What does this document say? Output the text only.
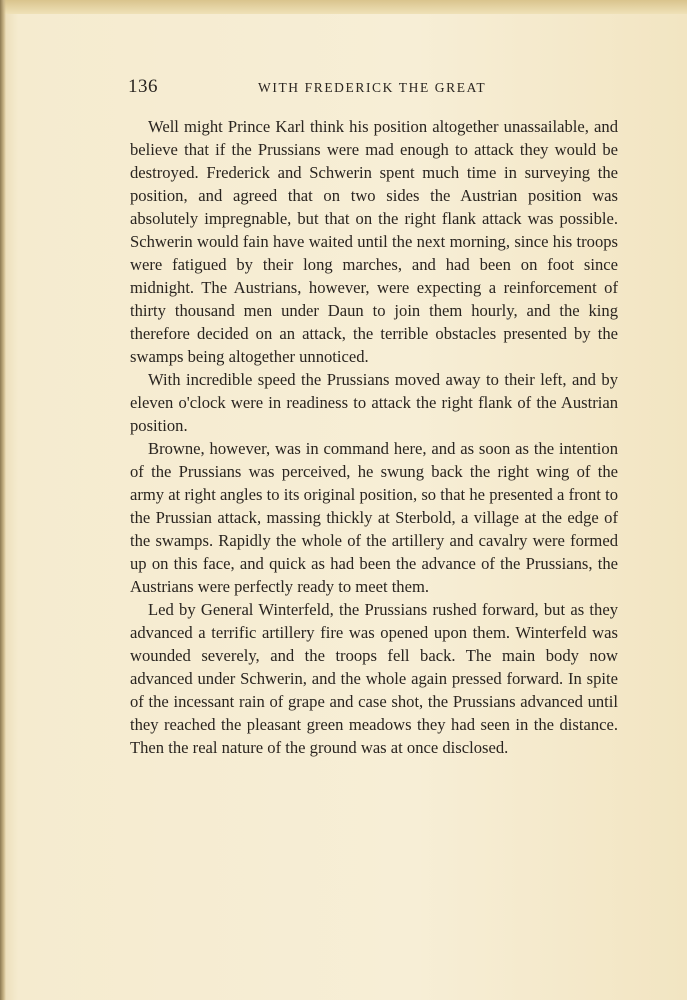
136	WITH FREDERICK THE GREAT

Well might Prince Karl think his position altogether unassailable, and believe that if the Prussians were mad enough to attack they would be destroyed. Frederick and Schwerin spent much time in surveying the position, and agreed that on two sides the Austrian position was absolutely impregnable, but that on the right flank attack was possible. Schwerin would fain have waited until the next morning, since his troops were fatigued by their long marches, and had been on foot since midnight. The Austrians, however, were expecting a reinforcement of thirty thousand men under Daun to join them hourly, and the king therefore decided on an attack, the terrible obstacles presented by the swamps being altogether unnoticed.

With incredible speed the Prussians moved away to their left, and by eleven o'clock were in readiness to attack the right flank of the Austrian position.

Browne, however, was in command here, and as soon as the intention of the Prussians was perceived, he swung back the right wing of the army at right angles to its original position, so that he presented a front to the Prussian attack, massing thickly at Sterbold, a village at the edge of the swamps. Rapidly the whole of the artillery and cavalry were formed up on this face, and quick as had been the advance of the Prussians, the Austrians were perfectly ready to meet them.

Led by General Winterfeld, the Prussians rushed forward, but as they advanced a terrific artillery fire was opened upon them. Winterfeld was wounded severely, and the troops fell back. The main body now advanced under Schwerin, and the whole again pressed forward. In spite of the incessant rain of grape and case shot, the Prussians advanced until they reached the pleasant green meadows they had seen in the distance. Then the real nature of the ground was at once disclosed.
